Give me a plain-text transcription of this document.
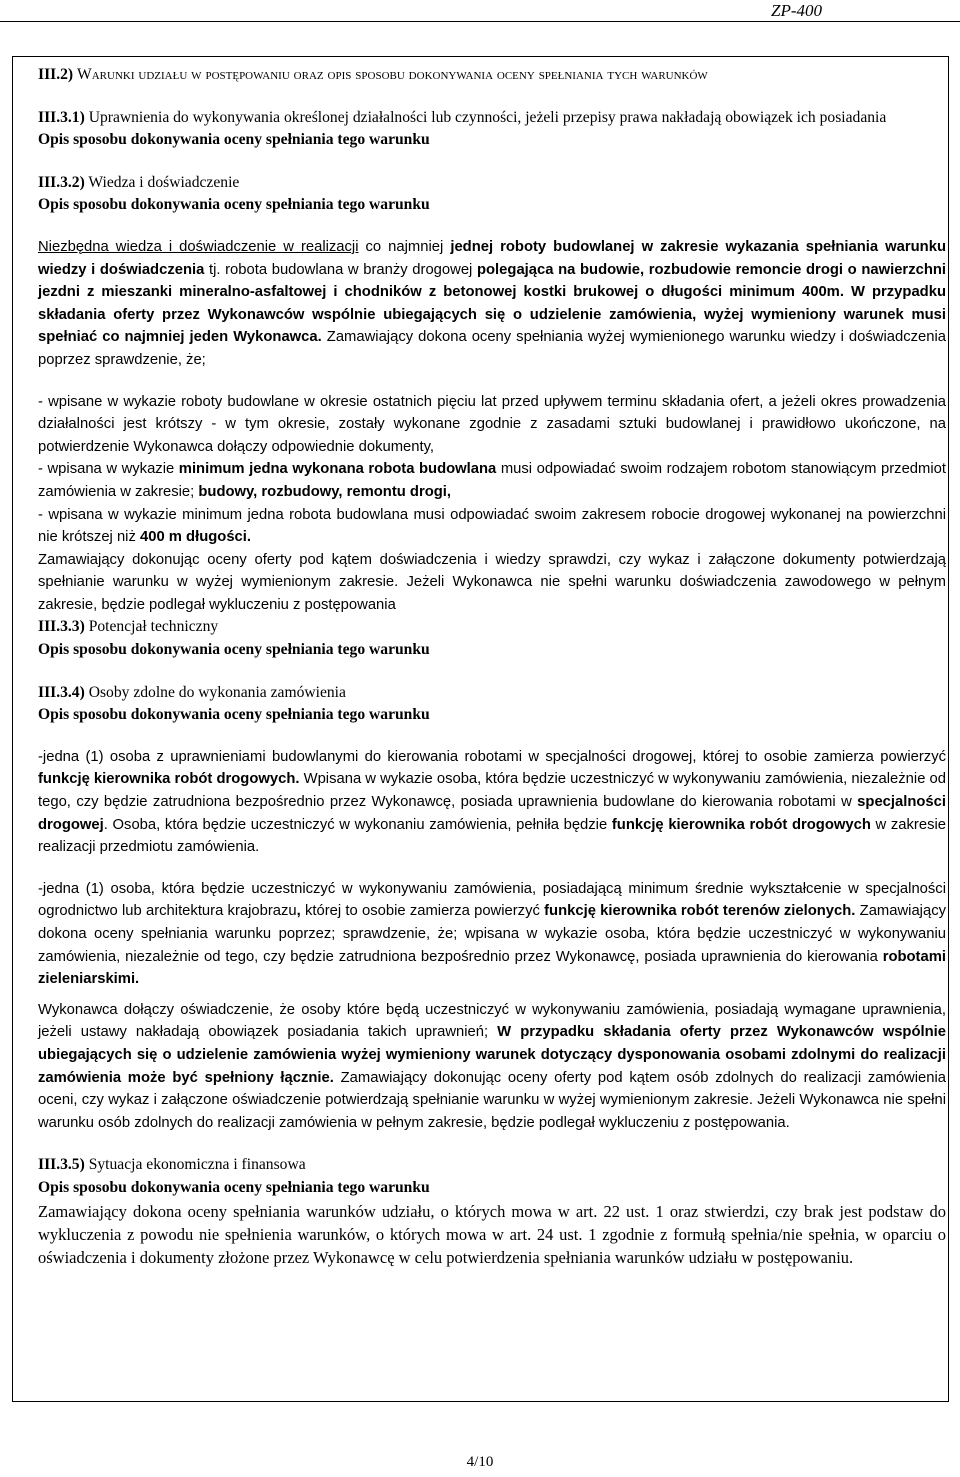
ZP-400

III.2) Warunki udziału w postępowaniu oraz opis sposobu dokonywania oceny spełniania tych warunków

III.3.1) Uprawnienia do wykonywania określonej działalności lub czynności, jeżeli przepisy prawa nakładają obowiązek ich posiadania

Opis sposobu dokonywania oceny spełniania tego warunku

III.3.2) Wiedza i doświadczenie

Opis sposobu dokonywania oceny spełniania tego warunku

Niezbędna wiedza i doświadczenie w realizacji co najmniej jednej roboty budowlanej w zakresie wykazania spełniania warunku wiedzy i doświadczenia tj. robota budowlana w branży drogowej polegająca na budowie, rozbudowie remoncie drogi o nawierzchni jezdni z mieszanki mineralno-asfaltowej i chodników z betonowej kostki brukowej o długości minimum 400m. W przypadku składania oferty przez Wykonawców wspólnie ubiegających się o udzielenie zamówienia, wyżej wymieniony warunek musi spełniać co najmniej jeden Wykonawca. Zamawiający dokona oceny spełniania wyżej wymienionego warunku wiedzy i doświadczenia poprzez sprawdzenie, że;

- wpisane w wykazie roboty budowlane w okresie ostatnich pięciu lat przed upływem terminu składania ofert, a jeżeli okres prowadzenia działalności jest krótszy - w tym okresie, zostały wykonane zgodnie z zasadami sztuki budowlanej i prawidłowo ukończone, na potwierdzenie Wykonawca dołączy odpowiednie dokumenty,

- wpisana w wykazie minimum jedna wykonana robota budowlana musi odpowiadać swoim rodzajem robotom stanowiącym przedmiot zamówienia w zakresie; budowy, rozbudowy, remontu drogi,

- wpisana w wykazie minimum jedna robota budowlana musi odpowiadać swoim zakresem robocie drogowej wykonanej na powierzchni nie krótszej niż 400 m długości.

Zamawiający dokonując oceny oferty pod kątem doświadczenia i wiedzy sprawdzi, czy wykaz i załączone dokumenty potwierdzają spełnianie warunku w wyżej wymienionym zakresie. Jeżeli Wykonawca nie spełni warunku doświadczenia zawodowego w pełnym zakresie, będzie podlegał wykluczeniu z postępowania

III.3.3) Potencjał techniczny

Opis sposobu dokonywania oceny spełniania tego warunku

III.3.4) Osoby zdolne do wykonania zamówienia

Opis sposobu dokonywania oceny spełniania tego warunku

-jedna (1) osoba z uprawnieniami budowlanymi do kierowania robotami w specjalności drogowej, której to osobie zamierza powierzyć funkcję kierownika robót drogowych. Wpisana w wykazie osoba, która będzie uczestniczyć w wykonywaniu zamówienia, niezależnie od tego, czy będzie zatrudniona bezpośrednio przez Wykonawcę, posiada uprawnienia budowlane do kierowania robotami w specjalności drogowej. Osoba, która będzie uczestniczyć w wykonaniu zamówienia, pełniła będzie funkcję kierownika robót drogowych w zakresie realizacji przedmiotu zamówienia.

-jedna (1) osoba, która będzie uczestniczyć w wykonywaniu zamówienia, posiadającą minimum średnie wykształcenie w specjalności ogrodnictwo lub architektura krajobrazu, której to osobie zamierza powierzyć funkcję kierownika robót terenów zielonych. Zamawiający dokona oceny spełniania warunku poprzez; sprawdzenie, że; wpisana w wykazie osoba, która będzie uczestniczyć w wykonywaniu zamówienia, niezależnie od tego, czy będzie zatrudniona bezpośrednio przez Wykonawcę, posiada uprawnienia do kierowania robotami zieleniarskimi.

Wykonawca dołączy oświadczenie, że osoby które będą uczestniczyć w wykonywaniu zamówienia, posiadają wymagane uprawnienia, jeżeli ustawy nakładają obowiązek posiadania takich uprawnień; W przypadku składania oferty przez Wykonawców wspólnie ubiegających się o udzielenie zamówienia wyżej wymieniony warunek dotyczący dysponowania osobami zdolnymi do realizacji zamówienia może być spełniony łącznie. Zamawiający dokonując oceny oferty pod kątem osób zdolnych do realizacji zamówienia oceni, czy wykaz i załączone oświadczenie potwierdzają spełnianie warunku w wyżej wymienionym zakresie. Jeżeli Wykonawca nie spełni warunku osób zdolnych do realizacji zamówienia w pełnym zakresie, będzie podlegał wykluczeniu z postępowania.

III.3.5) Sytuacja ekonomiczna i finansowa

Opis sposobu dokonywania oceny spełniania tego warunku

Zamawiający dokona oceny spełniania warunków udziału, o których mowa w art. 22 ust. 1 oraz stwierdzi, czy brak jest podstaw do wykluczenia z powodu nie spełnienia warunków, o których mowa w art. 24 ust. 1 zgodnie z formułą spełnia/nie spełnia, w oparciu o oświadczenia i dokumenty złożone przez Wykonawcę w celu potwierdzenia spełniania warunków udziału w postępowaniu.

4/10
